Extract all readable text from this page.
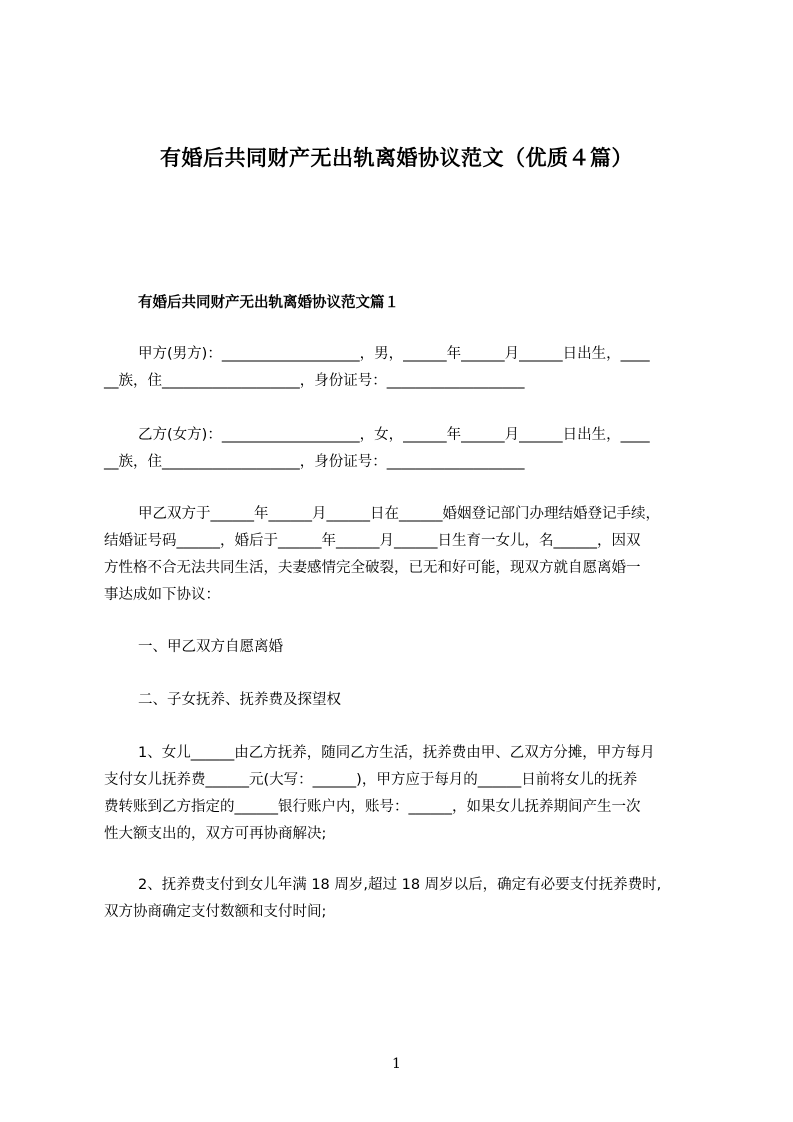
有婚后共同财产无出轨离婚协议范文（优质４篇）
有婚后共同财产无出轨离婚协议范文篇１
甲方(男方)：___________________，男，______年______月______日出生，____
__族，住___________________，身份证号：___________________
乙方(女方)：___________________，女，______年______月______日出生，____
__族，住___________________，身份证号：___________________
甲乙双方于______年______月______日在______婚姻登记部门办理结婚登记手续，
结婚证号码______，婚后于______年______月______日生育一女儿，名______，因双
方性格不合无法共同生活，夫妻感情完全破裂，已无和好可能，现双方就自愿离婚一
事达成如下协议：
一、甲乙双方自愿离婚
二、子女抚养、抚养费及探望权
1、女儿______由乙方抚养，随同乙方生活，抚养费由甲、乙双方分摊，甲方每月
支付女儿抚养费______元(大写：______)，甲方应于每月的______日前将女儿的抚养
费转账到乙方指定的______银行账户内，账号：______，如果女儿抚养期间产生一次
性大额支出的，双方可再协商解决;
2、抚养费支付到女儿年满 18 周岁,超过 18 周岁以后，确定有必要支付抚养费时,
双方协商确定支付数额和支付时间;
1
